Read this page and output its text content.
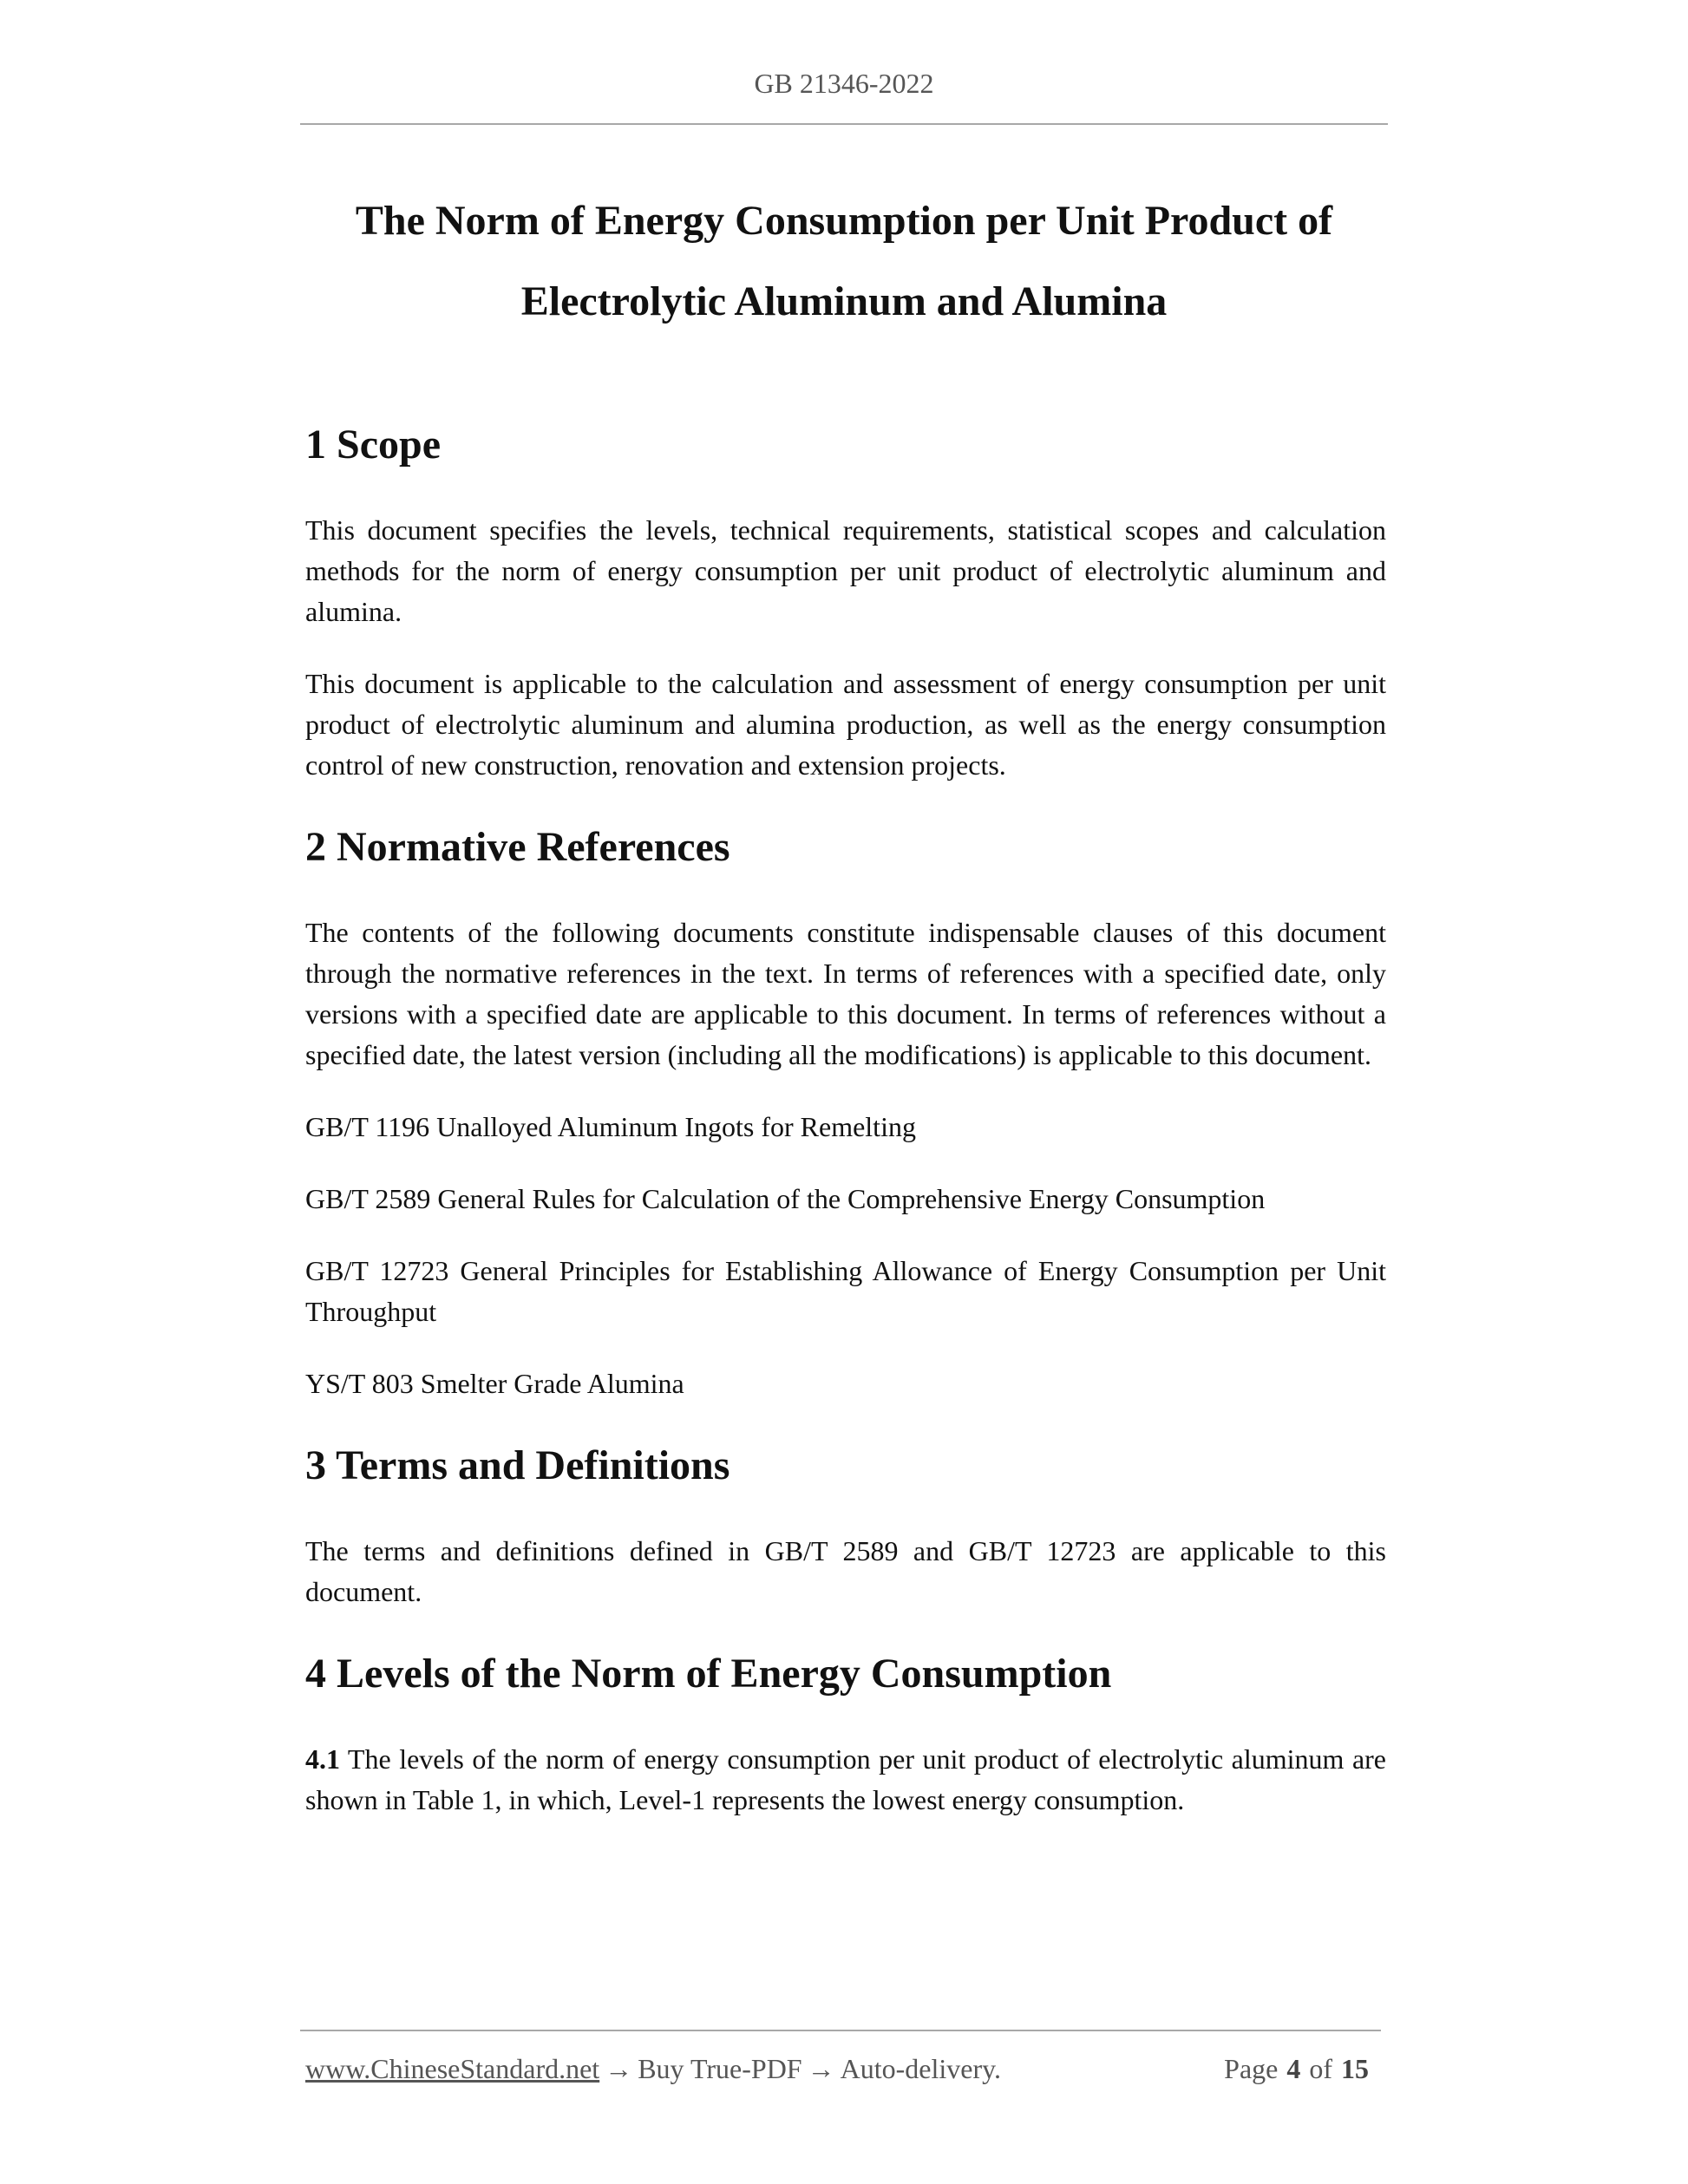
GB 21346-2022
The Norm of Energy Consumption per Unit Product of
Electrolytic Aluminum and Alumina
1 Scope

This document specifies the levels, technical requirements, statistical scopes and calculation methods for the norm of energy consumption per unit product of electrolytic aluminum and alumina.

This document is applicable to the calculation and assessment of energy consumption per unit product of electrolytic aluminum and alumina production, as well as the energy consumption control of new construction, renovation and extension projects.

2 Normative References

The contents of the following documents constitute indispensable clauses of this document through the normative references in the text. In terms of references with a specified date, only versions with a specified date are applicable to this document. In terms of references without a specified date, the latest version (including all the modifications) is applicable to this document.

GB/T 1196 Unalloyed Aluminum Ingots for Remelting

GB/T 2589 General Rules for Calculation of the Comprehensive Energy Consumption

GB/T 12723 General Principles for Establishing Allowance of Energy Consumption per Unit Throughput

YS/T 803 Smelter Grade Alumina

3 Terms and Definitions

The terms and definitions defined in GB/T 2589 and GB/T 12723 are applicable to this document.

4 Levels of the Norm of Energy Consumption

4.1 The levels of the norm of energy consumption per unit product of electrolytic aluminum are shown in Table 1, in which, Level-1 represents the lowest energy consumption.

www.ChineseStandard.net → Buy True-PDF → Auto-delivery.	Page 4 of 15
